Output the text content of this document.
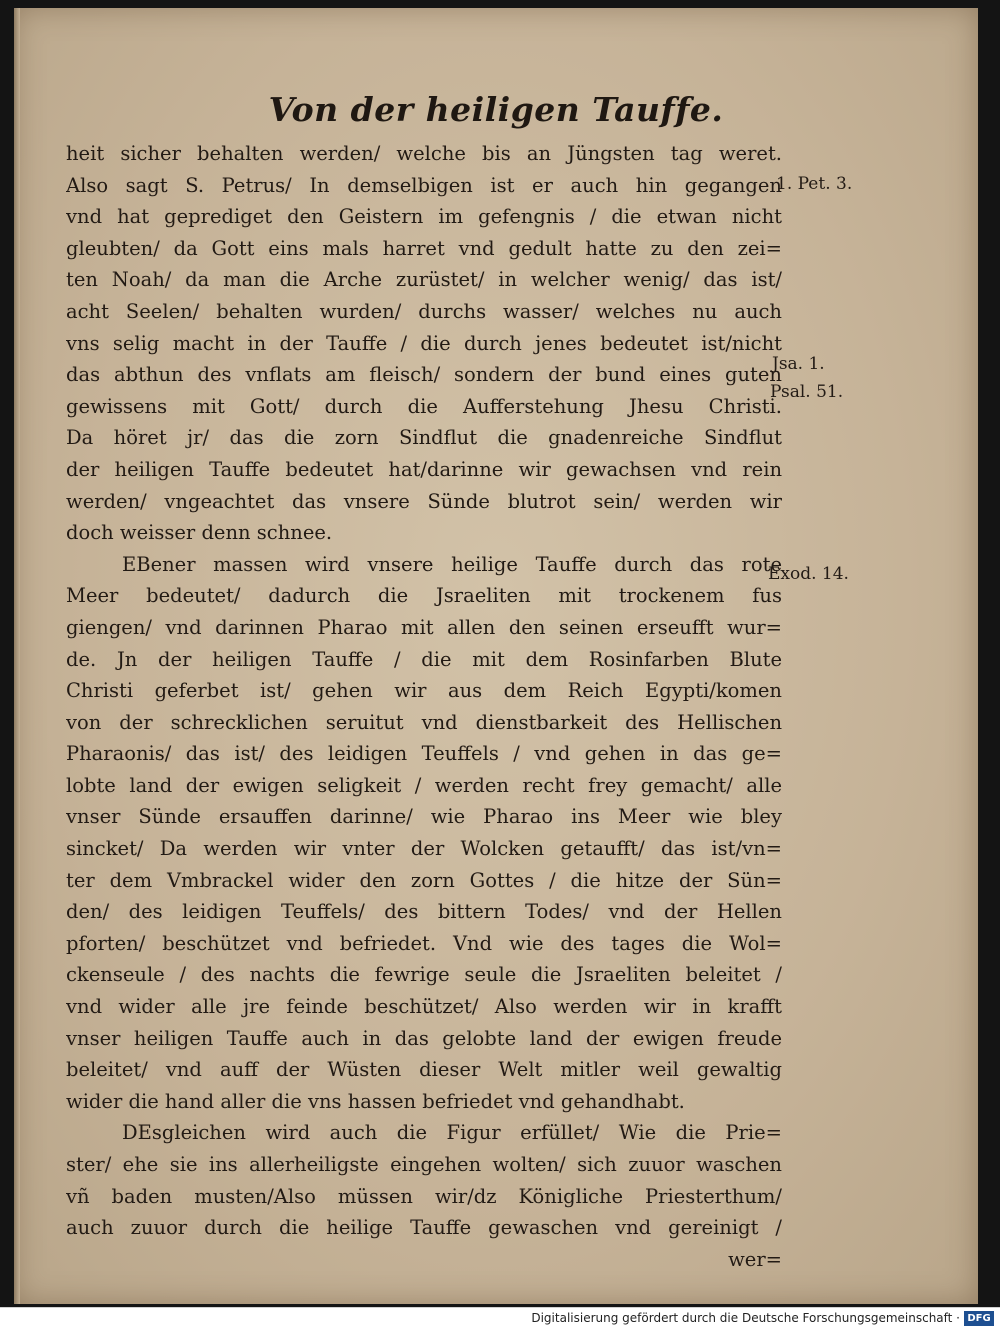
Von der heiligen Tauffe.
heit sicher behalten werden/ welche bis an Jüngsten tag weret.
Also sagt S. Petrus/ In demselbigen ist er auch hin gegangen
vnd hat geprediget den Geistern im gefengnis / die etwan nicht
gleubten/ da Gott eins mals harret vnd gedult hatte zu den zei=
ten Noah/ da man die Arche zurüstet/ in welcher wenig/ das ist/
acht Seelen/ behalten wurden/ durchs wasser/ welches nu auch
vns selig macht in der Tauffe / die durch jenes bedeutet ist/nicht
das abthun des vnflats am fleisch/ sondern der bund eines guten
gewissens mit Gott/ durch die Aufferstehung Jhesu Christi.
Da höret jr/ das die zorn Sindflut die gnadenreiche Sindflut
der heiligen Tauffe bedeutet hat/darinne wir gewachsen vnd rein
werden/ vngeachtet das vnsere Sünde blutrot sein/ werden wir
doch weisser denn schnee.
EBener massen wird vnsere heilige Tauffe durch das rote
Meer bedeutet/ dadurch die Jsraeliten mit trockenem fus
giengen/ vnd darinnen Pharao mit allen den seinen erseufft wur=
de. Jn der heiligen Tauffe / die mit dem Rosinfarben Blute
Christi geferbet ist/ gehen wir aus dem Reich Egypti/komen
von der schrecklichen seruitut vnd dienstbarkeit des Hellischen
Pharaonis/ das ist/ des leidigen Teuffels / vnd gehen in das ge=
lobte land der ewigen seligkeit / werden recht frey gemacht/ alle
vnser Sünde ersauffen darinne/ wie Pharao ins Meer wie bley
sincket/ Da werden wir vnter der Wolcken getaufft/ das ist/vn=
ter dem Vmbrackel wider den zorn Gottes / die hitze der Sün=
den/ des leidigen Teuffels/ des bittern Todes/ vnd der Hellen
pforten/ beschützet vnd befriedet. Vnd wie des tages die Wol=
ckenseule / des nachts die fewrige seule die Jsraeliten beleitet /
vnd wider alle jre feinde beschützet/ Also werden wir in krafft
vnser heiligen Tauffe auch in das gelobte land der ewigen freude
beleitet/ vnd auff der Wüsten dieser Welt mitler weil gewaltig
wider die hand aller die vns hassen befriedet vnd gehandhabt.
DEsgleichen wird auch die Figur erfüllet/ Wie die Prie=
ster/ ehe sie ins allerheiligste eingehen wolten/ sich zuuor waschen
vñ baden musten/Also müssen wir/dz Königliche Priesterthum/
auch zuuor durch die heilige Tauffe gewaschen vnd gereinigt /
wer=
1. Pet. 3.
Jsa. 1.
Psal. 51.
Exod. 14.
Digitalisierung gefördert durch die Deutsche Forschungsgemeinschaft · DFG
